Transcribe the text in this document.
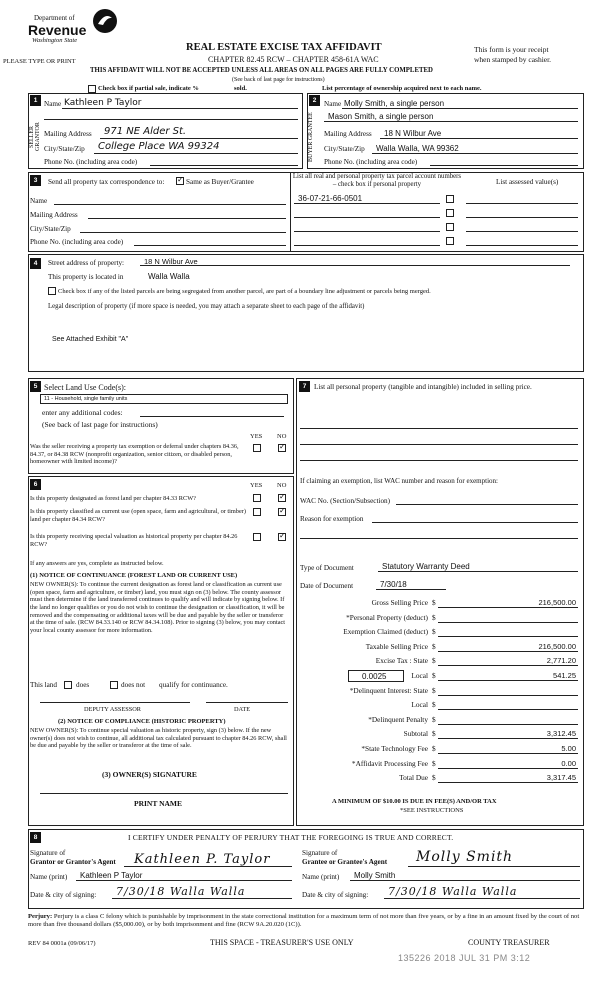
Department of
Revenue
Washington State
PLEASE TYPE OR PRINT
REAL ESTATE EXCISE TAX AFFIDAVIT
CHAPTER 82.45 RCW – CHAPTER 458-61A WAC
This form is your receipt
when stamped by cashier.
THIS AFFIDAVIT WILL NOT BE ACCEPTED UNLESS ALL AREAS ON ALL PAGES ARE FULLY COMPLETED
(See back of last page for instructions)
Check box if partial sale, indicate %	sold.	List percentage of ownership acquired next to each name.
1
SELLER GRANTOR
Name Kathleen P Taylor
Mailing Address 971 NE Alder St.
City/State/Zip College Place WA 99324
Phone No. (including area code)
2
BUYER GRANTEE
Name Molly Smith, a single person
Mason Smith, a single person
Mailing Address 18 N Wilbur Ave
City/State/Zip Walla Walla, WA 99362
Phone No. (including area code)
3	Send all property tax correspondence to:
✓	Same as Buyer/Grantee
Name
Mailing Address
City/State/Zip
Phone No. (including area code)
List all real and personal property tax parcel account numbers – check box if personal property	List assessed value(s)
36-07-21-66-0501
4	Street address of property:	18 N Wilbur Ave
This property is located in	Walla Walla
Check box if any of the listed parcels are being segregated from another parcel, are part of a boundary line adjustment or parcels being merged.
Legal description of property (if more space is needed, you may attach a separate sheet to each page of the affidavit)
See Attached Exhibit "A"
5 Select Land Use Code(s):
11 - Household, single family units
enter any additional codes:
(See back of last page for instructions)
YES NO
Was the seller receiving a property tax exemption or deferral under chapters 84.36, 84.37, or 84.38 RCW (nonprofit organization, senior citizen, or disabled person, homeowner with limited income)?
✓
6	YES NO
Is this property designated as forest land per chapter 84.33 RCW?
✓
Is this property classified as current use (open space, farm and agricultural, or timber) land per chapter 84.34 RCW?
✓
Is this property receiving special valuation as historical property per chapter 84.26 RCW?
✓
If any answers are yes, complete as instructed below.
(1) NOTICE OF CONTINUANCE (FOREST LAND OR CURRENT USE)
NEW OWNER(S): To continue the current designation as forest land or classification as current use (open space, farm and agriculture, or timber) land, you must sign on (3) below. The county assessor must then determine if the land transferred continues to qualify and will indicate by signing below. If the land no longer qualifies or you do not wish to continue the designation or classification, it will be removed and the compensating or additional taxes will be due and payable by the seller or transferor at the time of sale. (RCW 84.33.140 or RCW 84.34.108). Prior to signing (3) below, you may contact your local county assessor for more information.
This land	does	does not qualify for continuance.
DEPUTY ASSESSOR	DATE
(2) NOTICE OF COMPLIANCE (HISTORIC PROPERTY)
NEW OWNER(S): To continue special valuation as historic property, sign (3) below. If the new owner(s) does not wish to continue, all additional tax calculated pursuant to chapter 84.26 RCW, shall be due and payable by the seller or transferor at the time of sale.
(3) OWNER(S) SIGNATURE
PRINT NAME
7	List all personal property (tangible and intangible) included in selling price.
If claiming an exemption, list WAC number and reason for exemption:
WAC No. (Section/Subsection)
Reason for exemption
Type of Document	Statutory Warranty Deed
Date of Document	7/30/18
Gross Selling Price $	216,500.00
*Personal Property (deduct) $
Exemption Claimed (deduct) $
Taxable Selling Price $	216,500.00
Excise Tax : State $	2,771.20
Local $	541.25
*Delinquent Interest: State $
Local $
*Delinquent Penalty $
Subtotal $	3,312.45
*State Technology Fee $	5.00
*Affidavit Processing Fee $	0.00
Total Due $	3,317.45
0.0025
A MINIMUM OF $10.00 IS DUE IN FEE(S) AND/OR TAX
*SEE INSTRUCTIONS
8	I CERTIFY UNDER PENALTY OF PERJURY THAT THE FOREGOING IS TRUE AND CORRECT.
Signature of
Grantor or Grantor's Agent Kathleen P. Taylor
Name (print) Kathleen P Taylor
Date & city of signing: 7/30/18 Walla Walla
Signature of
Grantee or Grantee's Agent Molly Smith
Name (print) Molly Smith
Date & city of signing: 7/30/18 Walla Walla
Perjury: Perjury is a class C felony which is punishable by imprisonment in the state correctional institution for a maximum term of not more than five years, or by a fine in an amount fixed by the court of not more than five thousand dollars ($5,000.00), or by both imprisonment and fine (RCW 9A.20.020 (1C)).
REV 84 0001a (09/06/17)	THIS SPACE - TREASURER'S USE ONLY	COUNTY TREASURER
135226 2018 JUL 31 PM 3:12
